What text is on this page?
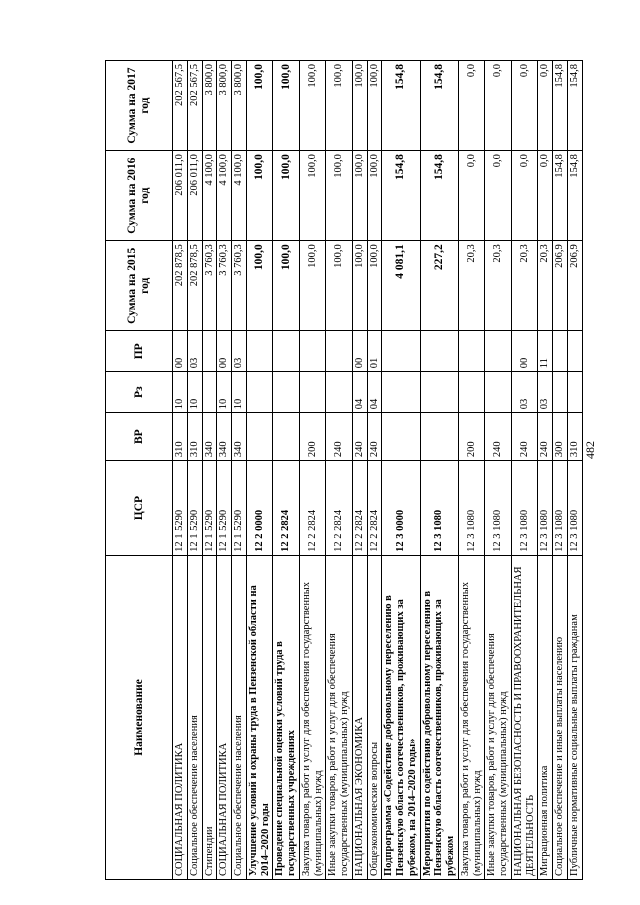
482
Наименование	ЦСР	ВР	Рз	ПР	Сумма на 2015 год	Сумма на 2016 год	Сумма на 2017 год
СОЦИАЛЬНАЯ ПОЛИТИКА	12 1 5290	310	10	00	202 878,5	206 011,0	202 567,5
Социальное обеспечение населения	12 1 5290	310	10	03	202 878,5	206 011,0	202 567,5
Стипендии	12 1 5290	340			3 760,3	4 100,0	3 800,0
СОЦИАЛЬНАЯ ПОЛИТИКА	12 1 5290	340	10	00	3 760,3	4 100,0	3 800,0
Социальное обеспечение населения	12 1 5290	340	10	03	3 760,3	4 100,0	3 800,0
Улучшение условий и охраны труда в Пензенской области на 2014–2020 годы	12 2 0000				100,0	100,0	100,0
Проведение специальной оценки условий труда в государственных учреждениях	12 2 2824				100,0	100,0	100,0
Закупка товаров, работ и услуг для обеспечения государственных (муниципальных) нужд	12 2 2824	200			100,0	100,0	100,0
Иные закупки товаров, работ и услуг для обеспечения государственных (муниципальных) нужд	12 2 2824	240			100,0	100,0	100,0
НАЦИОНАЛЬНАЯ ЭКОНОМИКА	12 2 2824	240	04	00	100,0	100,0	100,0
Общеэкономические вопросы	12 2 2824	240	04	01	100,0	100,0	100,0
Подпрограмма «Содействие добровольному переселению в Пензенскую область соотечественников, проживающих за рубежом, на 2014–2020 годы»	12 3 0000				4 081,1	154,8	154,8
Мероприятия по содействию добровольному переселению в Пензенскую область соотечественников, проживающих за рубежом	12 3 1080				227,2	154,8	154,8
Закупка товаров, работ и услуг для обеспечения государственных (муниципальных) нужд	12 3 1080	200			20,3	0,0	0,0
Иные закупки товаров, работ и услуг для обеспечения государственных (муниципальных) нужд	12 3 1080	240			20,3	0,0	0,0
НАЦИОНАЛЬНАЯ БЕЗОПАСНОСТЬ И ПРАВООХРАНИТЕЛЬНАЯ ДЕЯТЕЛЬНОСТЬ	12 3 1080	240	03	00	20,3	0,0	0,0
Миграционная политика	12 3 1080	240	03	11	20,3	0,0	0,0
Социальное обеспечение и иные выплаты населению	12 3 1080	300			206,9	154,8	154,8
Публичные нормативные социальные выплаты гражданам	12 3 1080	310			206,9	154,8	154,8
